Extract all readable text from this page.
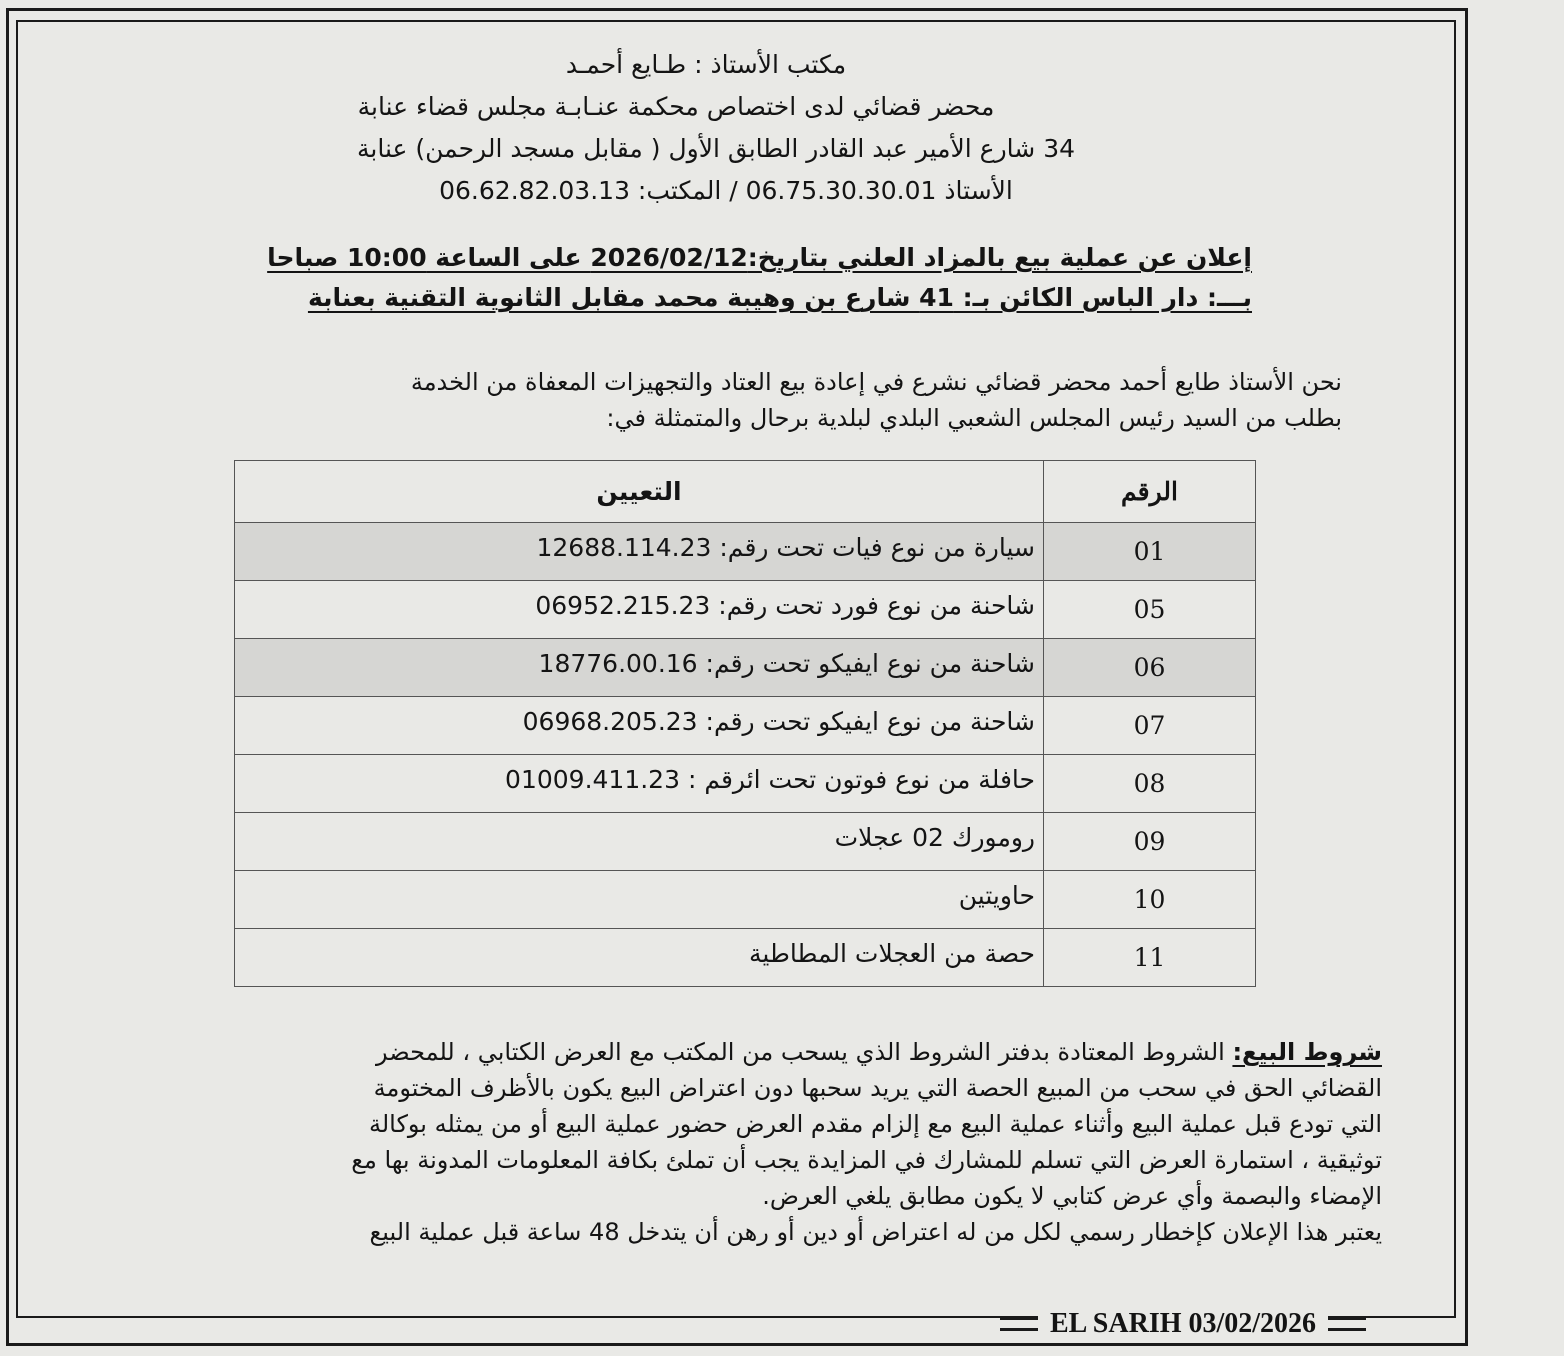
مكتب الأستاذ : طـايع أحمـد
محضر قضائي لدى اختصاص محكمة عنـابـة مجلس قضاء عنابة
34 شارع الأمير عبد القادر الطابق الأول ( مقابل مسجد الرحمن) عنابة
الأستاذ 06.75.30.30.01 / المكتب: 06.62.82.03.13
إعلان عن عملية بيع بالمزاد العلني بتاريخ:2026/02/12 على الساعة 10:00 صباحا
بـــ: دار الباس الكائن بـ: 41 شارع بن وهيبة محمد مقابل الثانوية التقنية بعنابة
نحن الأستاذ طايع أحمد محضر قضائي نشرع في إعادة بيع العتاد والتجهيزات المعفاة من الخدمة
بطلب من السيد رئيس المجلس الشعبي البلدي لبلدية برحال والمتمثلة في:
الرقم	التعيين
01	سيارة من نوع فيات تحت رقم: 12688.114.23
05	شاحنة من نوع فورد تحت رقم: 06952.215.23
06	شاحنة من نوع ايفيكو تحت رقم: 18776.00.16
07	شاحنة من نوع ايفيكو تحت رقم: 06968.205.23
08	حافلة من نوع فوتون تحت ائرقم : 01009.411.23
09	رومورك 02 عجلات
10	حاويتين
11	حصة من العجلات المطاطية
شروط البيع: الشروط المعتادة بدفتر الشروط الذي يسحب من المكتب مع العرض الكتابي ، للمحضر
القضائي الحق في سحب من المبيع الحصة التي يريد سحبها دون اعتراض البيع يكون بالأظرف المختومة
التي تودع قبل عملية البيع وأثناء عملية البيع مع إلزام مقدم العرض حضور عملية البيع أو من يمثله بوكالة
توثيقية ، استمارة العرض التي تسلم للمشارك في المزايدة يجب أن تملئ بكافة المعلومات المدونة بها مع
الإمضاء والبصمة وأي عرض كتابي لا يكون مطابق يلغي العرض.
يعتبر هذا الإعلان كإخطار رسمي لكل من له اعتراض أو دين أو رهن أن يتدخل 48 ساعة قبل عملية البيع
EL SARIH 03/02/2026
